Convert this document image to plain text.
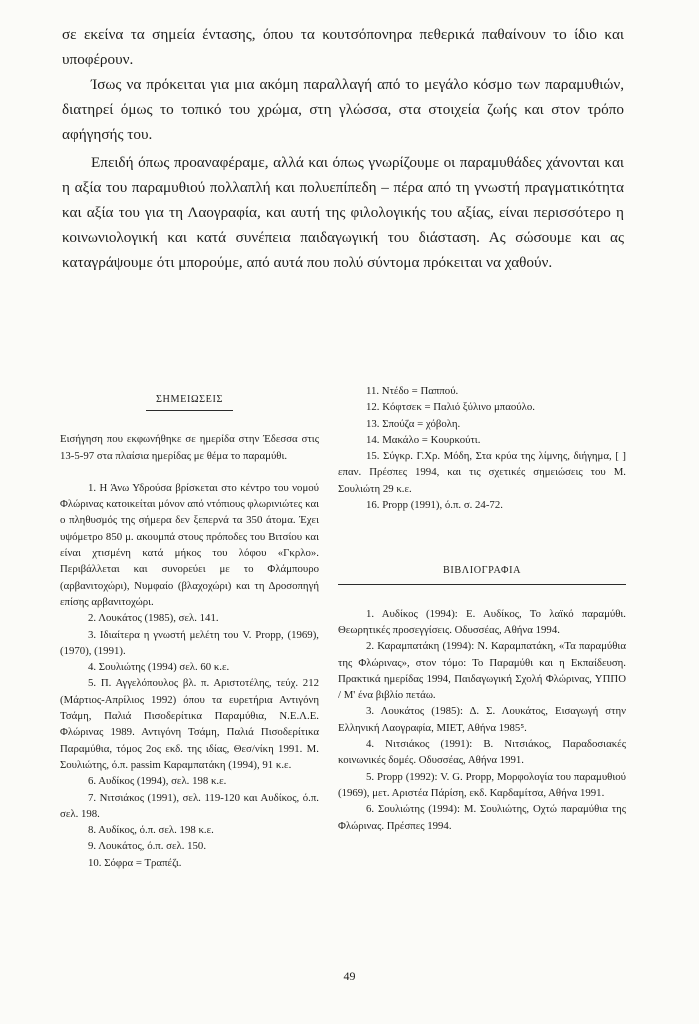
σε εκείνα τα σημεία έντασης, όπου τα κουτσόπονηρα πεθερικά παθαίνουν το ίδιο και υποφέρουν.

Ίσως να πρόκειται για μια ακόμη παραλλαγή από το μεγάλο κόσμο των παραμυθιών, διατηρεί όμως το τοπικό του χρώμα, στη γλώσσα, στα στοιχεία ζωής και στον τρόπο αφήγησής του.

Επειδή όπως προαναφέραμε, αλλά και όπως γνωρίζουμε οι παραμυθάδες χάνονται και η αξία του παραμυθιού πολλαπλή και πολυεπίπεδη – πέρα από τη γνωστή πραγματικότητα και αξία του για τη Λαογραφία, και αυτή της φιλολογικής του αξίας, είναι περισσότερο η κοινωνιολογική και κατά συνέπεια παιδαγωγική του διάσταση. Ας σώσουμε και ας καταγράψουμε ότι μπορούμε, από αυτά που πολύ σύντομα πρόκειται να χαθούν.

ΣΗΜΕΙΩΣΕΙΣ

Εισήγηση που εκφωνήθηκε σε ημερίδα στην Έδεσσα στις 13-5-97 στα πλαίσια ημερίδας με θέμα το παραμύθι.

1. Η Άνω Υδρούσα βρίσκεται στο κέντρο του νομού Φλώρινας κατοικείται μόνον από ντόπιους φλωρινιώτες και ο πληθυσμός της σήμερα δεν ξεπερνά τα 350 άτομα. Έχει υψόμετρο 850 μ. ακουμπά στους πρόποδες του Βιτσίου και είναι χτισμένη κατά μήκος του λόφου «Γκρλο». Περιβάλλεται και συνορεύει με το Φλάμπουρο (αρβανιτοχώρι), Νυμφαίο (βλαχοχώρι) και τη Δροσοπηγή επίσης αρβανιτοχώρι.

2. Λουκάτος (1985), σελ. 141.

3. Ιδιαίτερα η γνωστή μελέτη του V. Propp, (1969), (1970), (1991).

4. Σουλιώτης (1994) σελ. 60 κ.ε.

5. Π. Αγγελόπουλος βλ. π. Αριστοτέλης, τεύχ. 212 (Μάρτιος-Απρίλιος 1992) όπου τα ευρετήρια Αντιγόνη Τσάμη, Παλιά Πισοδερίτικα Παραμύθια, Ν.Ε.Λ.Ε. Φλώρινας 1989. Αντιγόνη Τσάμη, Παλιά Πισοδερίτικα Παραμύθια, τόμος 2ος εκδ. της ιδίας, Θεσ/νίκη 1991. Μ. Σουλιώτης, ό.π. passim Καραμπατάκη (1994), 91 κ.ε.

6. Αυδίκος (1994), σελ. 198 κ.ε.

7. Νιτσιάκος (1991), σελ. 119-120 και Αυδίκος, ό.π. σελ. 198.

8. Αυδίκος, ό.π. σελ. 198 κ.ε.

9. Λουκάτος, ό.π. σελ. 150.

10. Σόφρα = Τραπέζι.

11. Ντέδο = Παππού.

12. Κόφτσεκ = Παλιό ξύλινο μπαούλο.

13. Σπούζα = χόβολη.

14. Μακάλο = Κουρκούτι.

15. Σύγκρ. Γ.Χρ. Μόδη, Στα κρύα της λίμνης, διήγημα, [ ] επαν. Πρέσπες 1994, και τις σχετικές σημειώσεις του Μ. Σουλιώτη 29 κ.ε.

16. Propp (1991), ό.π. σ. 24-72.

ΒΙΒΛΙΟΓΡΑΦΙΑ

1. Αυδίκος (1994): Ε. Αυδίκος, Το λαϊκό παραμύθι. Θεωρητικές προσεγγίσεις. Οδυσσέας, Αθήνα 1994.

2. Καραμπατάκη (1994): Ν. Καραμπατάκη, «Τα παραμύθια της Φλώρινας», στον τόμο: Το Παραμύθι και η Εκπαίδευση. Πρακτικά ημερίδας 1994, Παιδαγωγική Σχολή Φλώρινας, ΥΠΠΟ / Μ' ένα βιβλίο πετάω.

3. Λουκάτος (1985): Δ. Σ. Λουκάτος, Εισαγωγή στην Ελληνική Λαογραφία, ΜΙΕΤ, Αθήνα 1985⁵.

4. Νιτσιάκος (1991): Β. Νιτσιάκος, Παραδοσιακές κοινωνικές δομές. Οδυσσέας, Αθήνα 1991.

5. Propp (1992): V. G. Propp, Μορφολογία του παραμυθιού (1969), μετ. Αριστέα Πάρίση, εκδ. Καρδαμίτσα, Αθήνα 1991.

6. Σουλιώτης (1994): Μ. Σουλιώτης, Οχτώ παραμύθια της Φλώρινας. Πρέσπες 1994.

49
